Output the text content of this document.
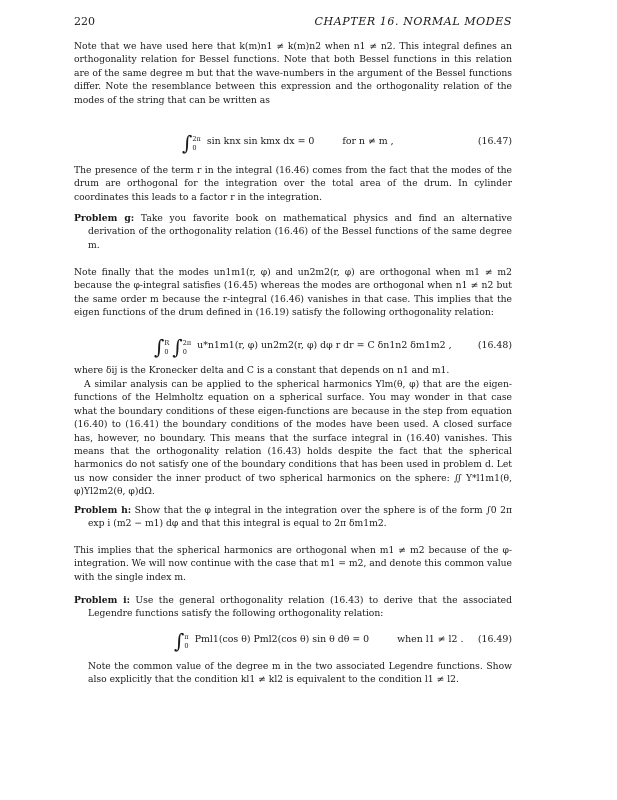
220	CHAPTER 16. NORMAL MODES
Note that we have used here that k(m)n1 ≠ k(m)n2 when n1 ≠ n2. This integral defines an orthogonality relation for Bessel functions. Note that both Bessel functions in this relation are of the same degree m but that the wave-numbers in the argument of the Bessel functions differ. Note the resemblance between this expression and the orthogonality relation of the modes of the string that can be written as
∫ 2π
0
sin knx sin kmx dx = 0	for n ≠ m ,	(16.47)
The presence of the term r in the integral (16.46) comes from the fact that the modes of the drum are orthogonal for the integration over the total area of the drum. In cylinder coordinates this leads to a factor r in the integration.
Problem g: Take you favorite book on mathematical physics and find an alternative derivation of the orthogonality relation (16.46) of the Bessel functions of the same degree m.
Note finally that the modes un1m1(r, φ) and un2m2(r, φ) are orthogonal when m1 ≠ m2 because the φ-integral satisfies (16.45) whereas the modes are orthogonal when n1 ≠ n2 but the same order m because the r-integral (16.46) vanishes in that case. This implies that the eigen functions of the drum defined in (16.19) satisfy the following orthogonality relation:
∫ R
0 ∫ 2π
0
u*n1m1(r, φ) un2m2(r, φ) dφ r dr = C δn1n2 δm1m2 ,	(16.48)
where δij is the Kronecker delta and C is a constant that depends on n1 and m1.
A similar analysis can be applied to the spherical harmonics Ylm(θ, φ) that are the eigen-functions of the Helmholtz equation on a spherical surface. You may wonder in that case what the boundary conditions of these eigen-functions are because in the step from equation (16.40) to (16.41) the boundary conditions of the modes have been used. A closed surface has, however, no boundary. This means that the surface integral in (16.40) vanishes. This means that the orthogonality relation (16.43) holds despite the fact that the spherical harmonics do not satisfy one of the boundary conditions that has been used in problem d. Let us now consider the inner product of two spherical harmonics on the sphere: ∬ Y*l1m1(θ, φ)Yl2m2(θ, φ)dΩ.
Problem h: Show that the φ integral in the integration over the sphere is of the form ∫0 2π exp i (m2 − m1) dφ and that this integral is equal to 2π δm1m2.
This implies that the spherical harmonics are orthogonal when m1 ≠ m2 because of the φ-integration. We will now continue with the case that m1 = m2, and denote this common value with the single index m.
Problem i: Use the general orthogonality relation (16.43) to derive that the associated Legendre functions satisfy the following orthogonality relation:
∫ π
0
Pml1(cos θ) Pml2(cos θ) sin θ dθ = 0	when l1 ≠ l2 . (16.49)
Note the common value of the degree m in the two associated Legendre functions. Show also explicitly that the condition kl1 ≠ kl2 is equivalent to the condition l1 ≠ l2.
